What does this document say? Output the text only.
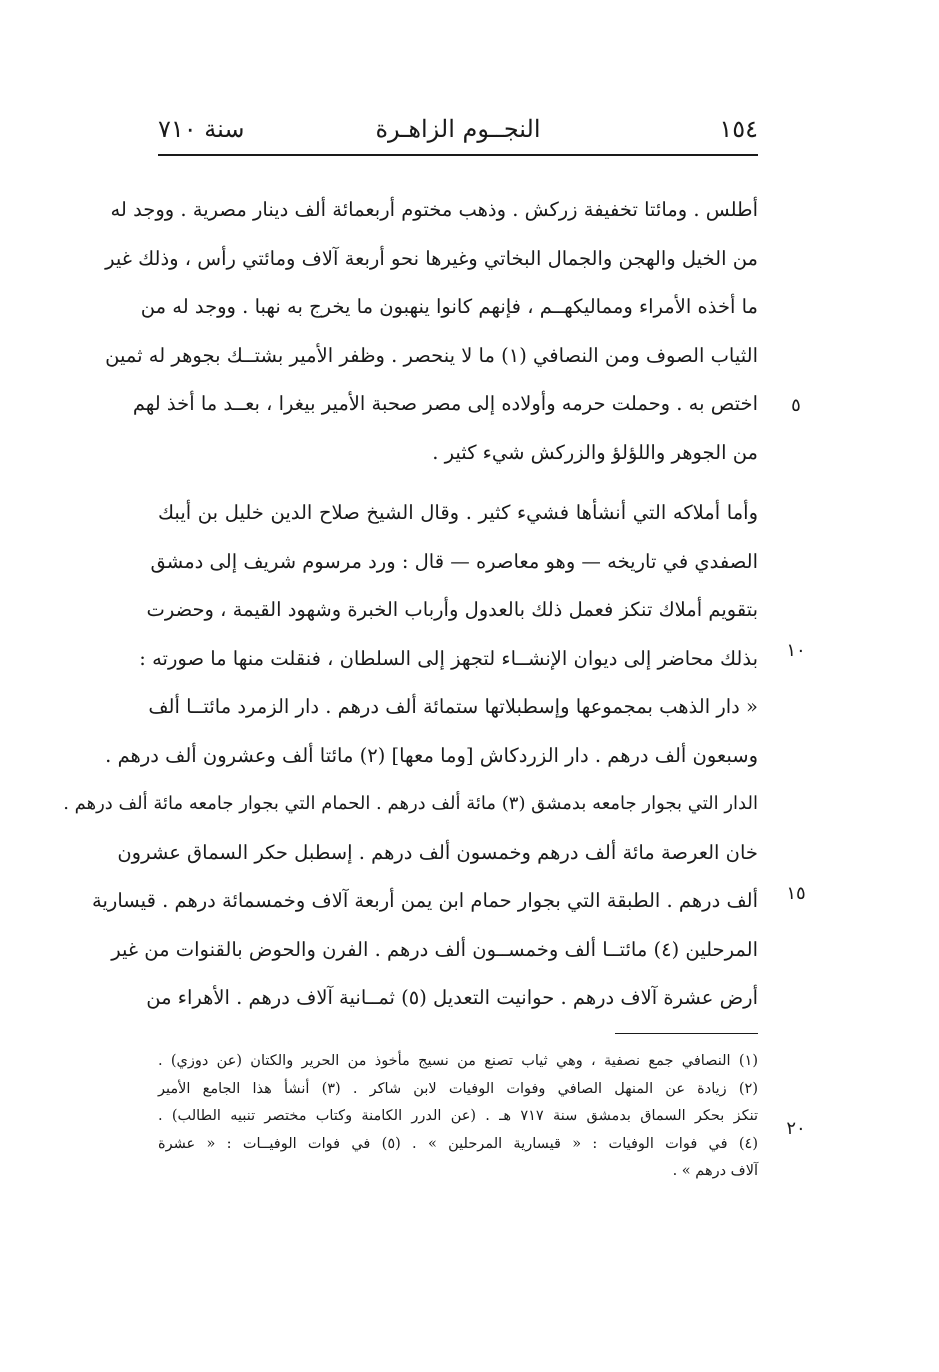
١٥٤
النجــوم الزاهـرة
سنة ٧١٠
أطلس . ومائتا تخفيفة زركش . وذهب مختوم أربعمائة ألف دينار مصرية . ووجد له
من الخيل والهجن والجمال البخاتي وغيرها نحو أربعة آلاف ومائتي رأس ، وذلك غير
ما أخذه الأمراء ومماليكهــم ، فإنهم كانوا ينهبون ما يخرج به نهبا . ووجد له من
الثياب الصوف ومن النصافي (١) ما لا ينحصر . وظفر الأمير بشتــك بجوهر له ثمين
اختص به . وحملت حرمه وأولاده إلى مصر صحبة الأمير بيغرا ، بعــد ما أخذ لهم
من الجوهر واللؤلؤ والزركش شيء كثير .
وأما أملاكه التي أنشأها فشيء كثير . وقال الشيخ صلاح الدين خليل بن أيبك
الصفدي في تاريخه — وهو معاصره — قال : ورد مرسوم شريف إلى دمشق
بتقويم أملاك تنكز فعمل ذلك بالعدول وأرباب الخبرة وشهود القيمة ، وحضرت
بذلك محاضر إلى ديوان الإنشــاء لتجهز إلى السلطان ، فنقلت منها ما صورته :
« دار الذهب بمجموعها وإسطبلاتها ستمائة ألف درهم . دار الزمرد مائتــا ألف
وسبعون ألف درهم . دار الزردكاش [وما معها] (٢) مائتا ألف وعشرون ألف درهم .
الدار التي بجوار جامعه بدمشق (٣) مائة ألف درهم . الحمام التي بجوار جامعه مائة ألف درهم .
خان العرصة مائة ألف درهم وخمسون ألف درهم . إسطبل حكر السماق عشرون
ألف درهم . الطبقة التي بجوار حمام ابن يمن أربعة آلاف وخمسمائة درهم . قيسارية
المرحلين (٤) مائتــا ألف وخمســون ألف درهم . الفرن والحوض بالقنوات من غير
أرض عشرة آلاف درهم . حوانيت التعديل (٥) ثمــانية آلاف درهم . الأهراء من
(١) النصافي جمع نصفية ، وهي ثياب تصنع من نسيج مأخوذ من الحرير والكتان (عن دوزي) .
(٢) زيادة عن المنهل الصافي وفوات الوفيات لابن شاكر . (٣) أنشأ هذا الجامع الأمير
تنكز بحكر السماق بدمشق سنة ٧١٧ هـ . (عن الدرر الكامنة وكتاب مختصر تنبيه الطالب) .
(٤) في فوات الوفيات : « قيسارية المرحلين » . (٥) في فوات الوفيــات : « عشرة
آلاف درهم » .
٥
١٠
١٥
٢٠
